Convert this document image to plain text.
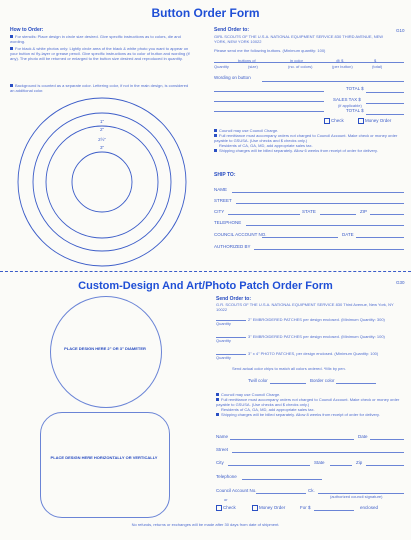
Button Order Form
G10
How to Order:
For stencils: Place design in circle size desired. Give specific instructions as to colors, die and wording.
For black & white photos only: Lightly circle area of the black & white photo you want to appear on your button w/ fly-layer or grease pencil. Give specific instructions as to color of button and wording (if any). The photo will be returned or enlarged to the button size desired and reproduced in quantity.
Background is counted as a separate color. Lettering color, if not in the main design, is considered an additional color.
3"
2½"
2"
1"
Send Order to:
GIRL SCOUTS OF THE U.S.A. NATIONAL EQUIPMENT SERVICE 830 THIRD AVENUE, NEW YORK, NEW YORK 10022
Please send me the following buttons. (Minimum quantity: 100)
buttons of	in color	@ $	$
Quantity	(size)	(no. of colors)	(per button)	(total)
Wording on button
TOTAL $
SALES TAX $
(if applicable)
TOTAL $
Check	Money Order
Council may use Council Charge.
Full remittance must accompany orders not charged to Council Account. Make check or money order payable to GSUSA. (Use checks and $ checks only.)
Residents of CA, GA, MD, add appropriate sales tax.
Shipping charges will be billed separately. Allow 6 weeks from receipt of order for delivery.
SHIP TO:
NAME
STREET
CITY	STATE	ZIP
TELEPHONE
COUNCIL ACCOUNT NO.	DATE
AUTHORIZED BY
Custom-Design And Art/Photo Patch Order Form	G30
Send Order to:
G.R. SCOUTS OF THE U.S.A. NATIONAL EQUIPMENT SERVICE 830 Third Avenue, New York, NY 10022
PLACE DESIGN HERE 2" OR 3" DIAMETER
PLACE DESIGN HERE HORIZONTALLY OR VERTICALLY
Quantity
2" EMBROIDERED PATCHES per design enclosed. (Minimum Quantity: 300)
Quantity
3" EMBROIDERED PATCHES per design enclosed. (Minimum Quantity: 100)
Quantity
3" x 4" PHOTO PATCHES, per design enclosed. (Minimum Quantity: 100)
Send actual color chips to match all colors ordered. *Mix by pen.
Twill color	Border color
Council may use Council Charge.
Full remittance must accompany orders not charged to Council Account. Make check or money order payable to GSUSA. (Use checks and $ checks only.)
Residents of CA, GA, MD, add appropriate sales tax.
Shipping charges will be billed separately. Allow 8 weeks from receipt of order for delivery.
Name	Date
Street
City	State	Zip
Telephone
Council Account No.	Ck.
(authorized council signature)
or
Check	Money Order	For $	enclosed
No refunds, returns or exchanges will be made after 30 days from date of shipment.
